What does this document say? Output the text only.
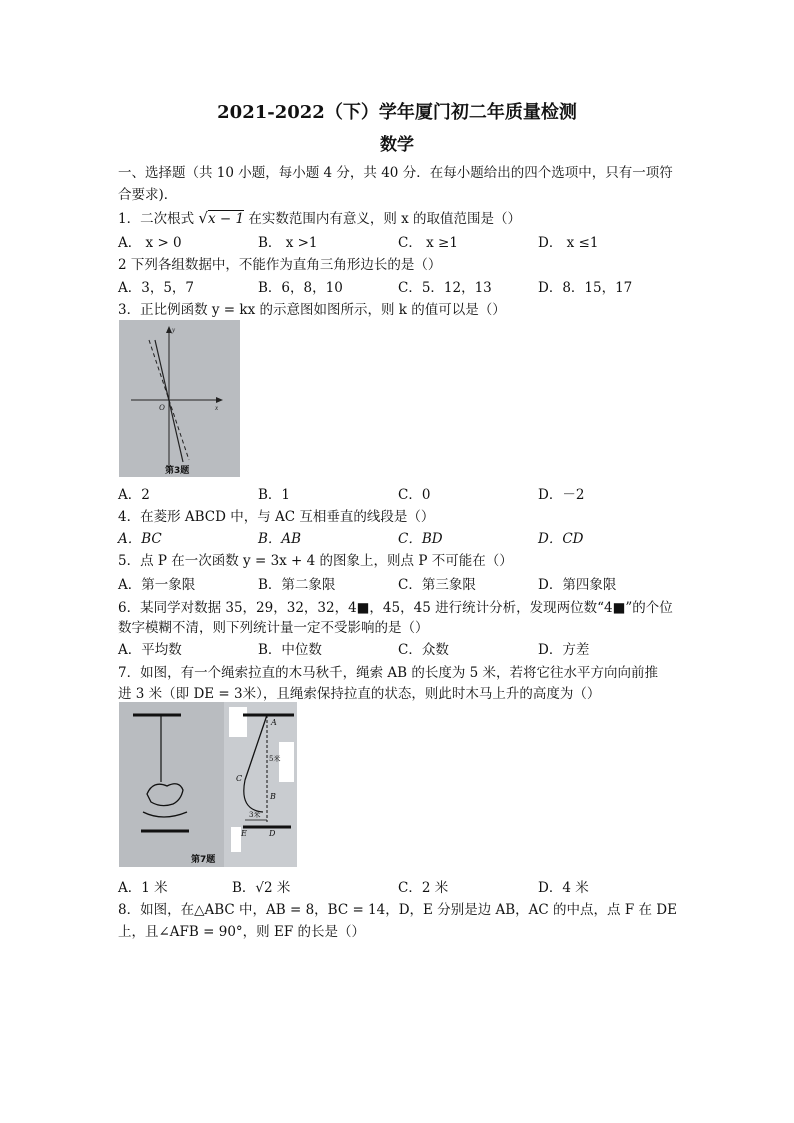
2021-2022（下）学年厦门初二年质量检测
数学
一、选择题（共 10 小题，每小题 4 分，共 40 分．在每小题给出的四个选项中，只有一项符
合要求)．
1．二次根式 √x − 1 在实数范围内有意义，则 x 的取值范围是（）
A． x > 0	B． x >1	C． x ≥1	D． x ≤1
2 下列各组数据中，不能作为直角三角形边长的是（）
A．3，5，7	B．6，8，10	C．5．12，13	D．8．15，17
3．正比例函数 y = kx 的示意图如图所示，则 k 的值可以是（）
y
x
O
第3题
A．2	B．1	C．0	D．－2
4．在菱形 ABCD 中，与 AC 互相垂直的线段是（）
A．BC	B．AB	C．BD	D．CD
5．点 P 在一次函数 y = 3x + 4 的图象上，则点 P 不可能在（）
A．第一象限	B．第二象限	C．第三象限	D．第四象限
6．某同学对数据 35，29，32，32，4■，45，45 进行统计分析，发现两位数“4■”的个位
数字模糊不清，则下列统计量一定不受影响的是（）
A．平均数	B．中位数	C．众数	D．方差
7．如图，有一个绳索拉直的木马秋千，绳索 AB 的长度为 5 米，若将它往水平方向向前推
进 3 米（即 DE = 3米），且绳索保持拉直的状态，则此时木马上升的高度为（）
A
5米
C
B
3米
E	D
第7题
A．1 米	B．√2 米	C．2 米	D．4 米
8．如图，在△ABC 中，AB = 8，BC = 14，D，E 分别是边 AB，AC 的中点，点 F 在 DE
上，且∠AFB = 90°，则 EF 的长是（）
